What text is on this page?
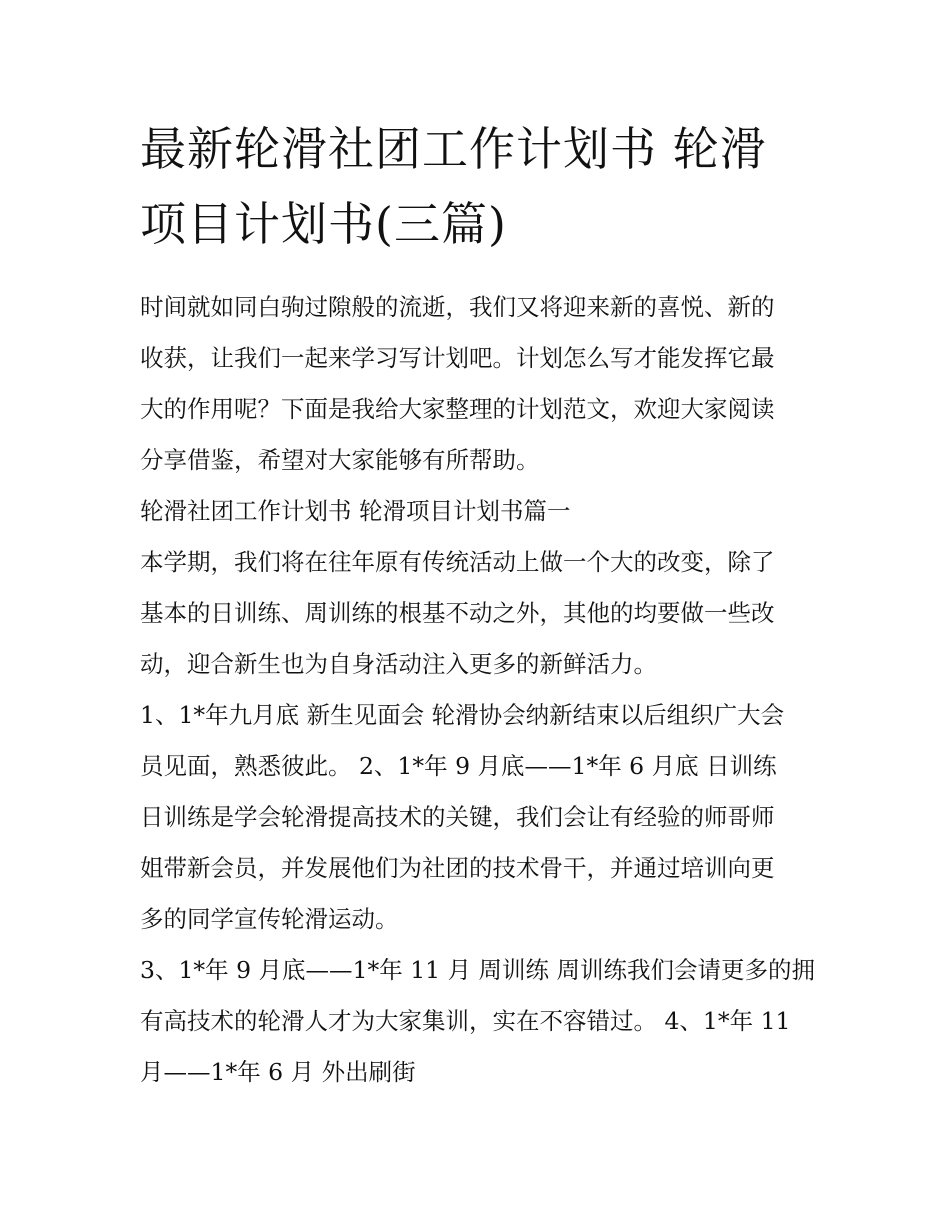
最新轮滑社团工作计划书 轮滑
项目计划书(三篇)
时间就如同白驹过隙般的流逝，我们又将迎来新的喜悦、新的
收获，让我们一起来学习写计划吧。计划怎么写才能发挥它最
大的作用呢？下面是我给大家整理的计划范文，欢迎大家阅读
分享借鉴，希望对大家能够有所帮助。
轮滑社团工作计划书 轮滑项目计划书篇一
本学期，我们将在往年原有传统活动上做一个大的改变，除了
基本的日训练、周训练的根基不动之外，其他的均要做一些改
动，迎合新生也为自身活动注入更多的新鲜活力。
1、1*年九月底 新生见面会 轮滑协会纳新结束以后组织广大会
员见面，熟悉彼此。 2、1*年 9 月底——1*年 6 月底 日训练
日训练是学会轮滑提高技术的关键，我们会让有经验的师哥师
姐带新会员，并发展他们为社团的技术骨干，并通过培训向更
多的同学宣传轮滑运动。
3、1*年 9 月底——1*年 11 月 周训练 周训练我们会请更多的拥
有高技术的轮滑人才为大家集训，实在不容错过。 4、1*年 11
月——1*年 6 月 外出刷街
